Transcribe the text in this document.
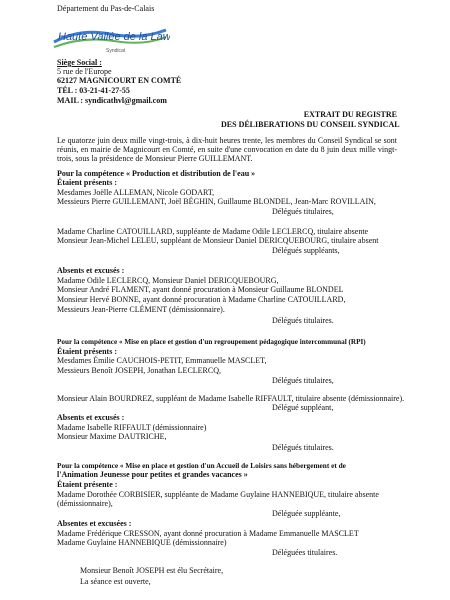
Département du Pas-de-Calais
Haute Vallée de la Lawe
Syndicat
Siège Social :
5 rue de l'Europe
62127 MAGNICOURT EN COMTÉ
TÉL : 03-21-41-27-55
MAIL : syndicathvl@gmail.com
EXTRAIT DU REGISTRE
DES DÉLIBERATIONS DU CONSEIL SYNDICAL
Le quatorze juin deux mille vingt-trois, à dix-huit heures trente, les membres du Conseil Syndical se sont réunis, en mairie de Magnicourt en Comté, en suite d'une convocation en date du 8 juin deux mille vingt-trois, sous la présidence de Monsieur Pierre GUILLEMANT.
Pour la compétence « Production et distribution de l'eau »
Étaient présents :
Mesdames Joëlle ALLEMAN, Nicole GODART,
Messieurs Pierre GUILLEMANT, Joël BÉGHIN, Guillaume BLONDEL, Jean-Marc ROVILLAIN,
Délégués titulaires,
Madame Charline CATOUILLARD, suppléante de Madame Odile LECLERCQ, titulaire absente
Monsieur Jean-Michel LELEU, suppléant de Monsieur Daniel DERICQUEBOURG, titulaire absent
Délégués suppléants,
Absents et excusés :
Madame Odile LECLERCQ, Monsieur Daniel DERICQUEBOURG,
Monsieur André FLAMENT, ayant donné procuration à Monsieur Guillaume BLONDEL
Monsieur Hervé BONNE, ayant donné procuration à Madame Charline CATOUILLARD,
Messieurs Jean-Pierre CLÉMENT (démissionnaire).
Délégués titulaires.
Pour la compétence « Mise en place et gestion d'un regroupement pédagogique intercommunal (RPI)
Étaient présents :
Mesdames Émilie CAUCHOIS-PETIT, Emmanuelle MASCLET,
Messieurs Benoît JOSEPH, Jonathan LECLERCQ,
Délégués titulaires,
Monsieur Alain BOURDREZ, suppléant de Madame Isabelle RIFFAULT, titulaire absente (démissionnaire).
Délégué suppléant,
Absents et excusés :
Madame Isabelle RIFFAULT (démissionnaire)
Monsieur Maxime DAUTRICHE,
Délégués titulaires.
Pour la compétence « Mise en place et gestion d'un Accueil de Loisirs sans hébergement et de
l'Animation Jeunesse pour petites et grandes vacances »
Étaient présente :
Madame Dorothée CORBISIER, suppléante de Madame Guylaine HANNEBIQUE, titulaire absente
(démissionnaire),
Déléguée suppléante,
Absentes et excusées :
Madame Frédérique CRESSON, ayant donné procuration à Madame Emmanuelle MASCLET
Madame Guylaine HANNEBIQUE (démissionnaire)
Déléguées titulaires.
Monsieur Benoît JOSEPH est élu Secrétaire,
La séance est ouverte,
